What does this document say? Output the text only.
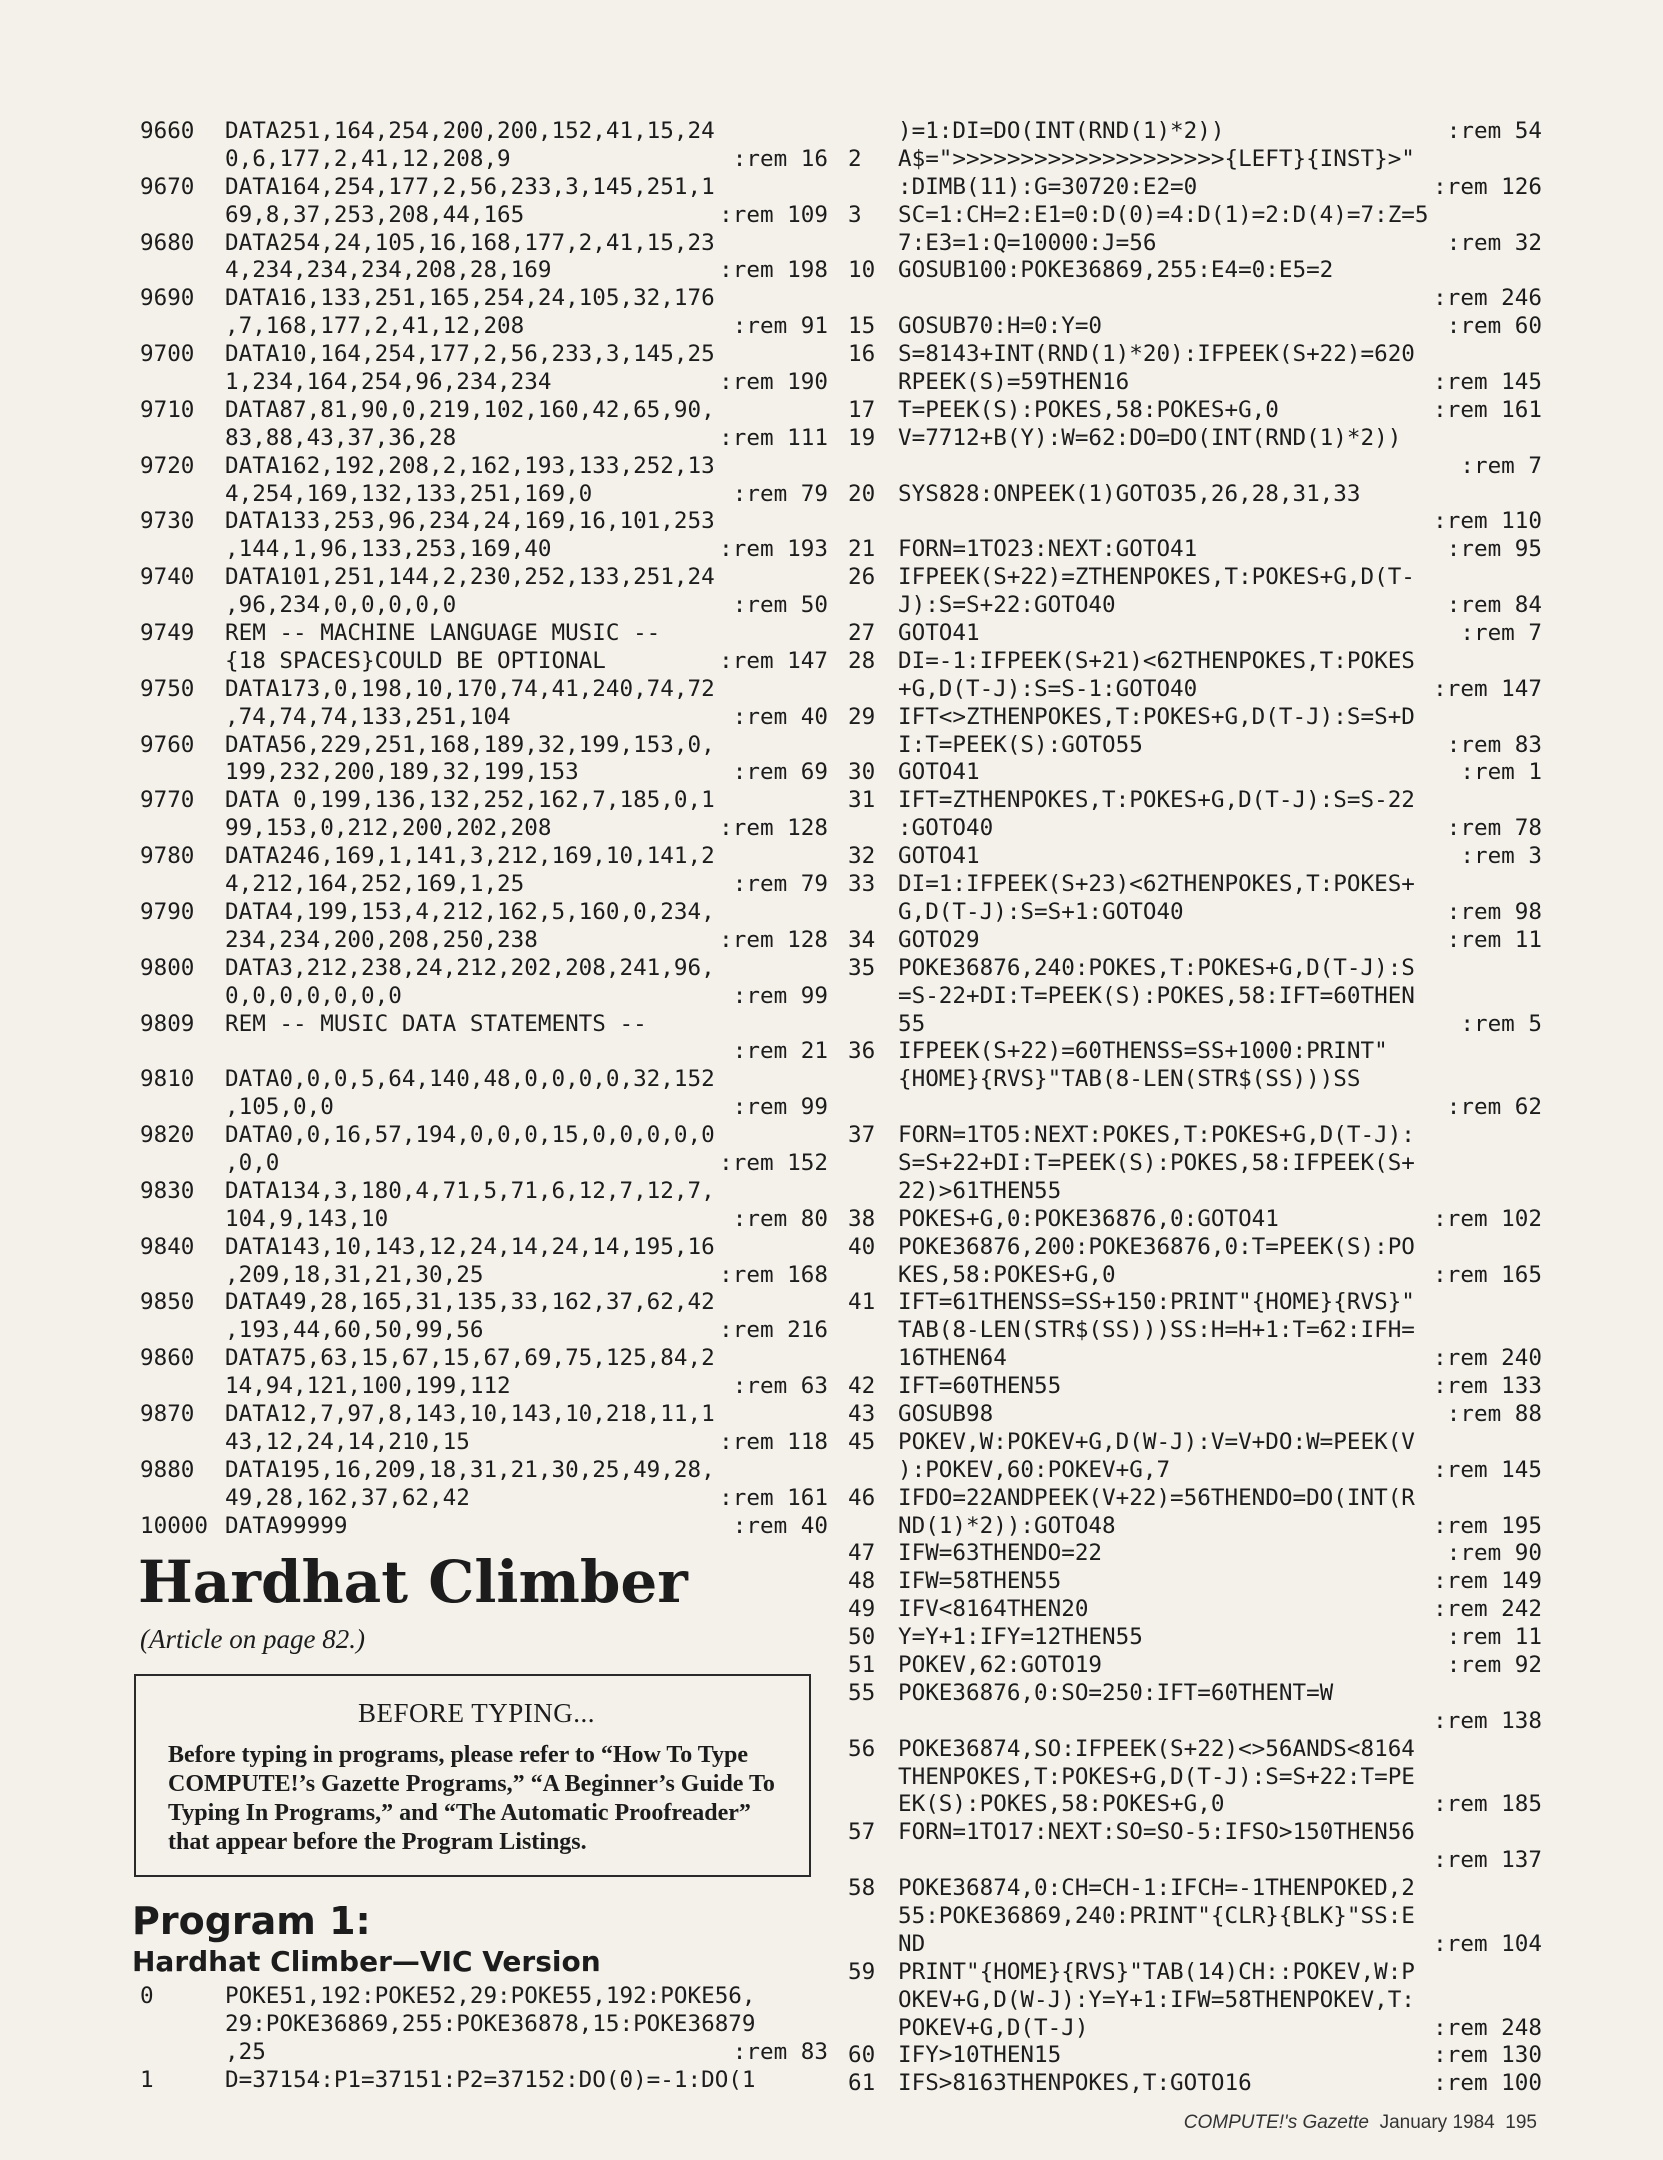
9660 DATA251,164,254,200,200,152,41,15,24
0,6,177,2,41,12,208,9	:rem 16
9670 DATA164,254,177,2,56,233,3,145,251,1
69,8,37,253,208,44,165	:rem 109
9680 DATA254,24,105,16,168,177,2,41,15,23
4,234,234,234,208,28,169	:rem 198
9690 DATA16,133,251,165,254,24,105,32,176
,7,168,177,2,41,12,208	:rem 91
9700 DATA10,164,254,177,2,56,233,3,145,25
1,234,164,254,96,234,234	:rem 190
9710 DATA87,81,90,0,219,102,160,42,65,90,
83,88,43,37,36,28	:rem 111
9720 DATA162,192,208,2,162,193,133,252,13
4,254,169,132,133,251,169,0	:rem 79
9730 DATA133,253,96,234,24,169,16,101,253
,144,1,96,133,253,169,40	:rem 193
9740 DATA101,251,144,2,230,252,133,251,24
,96,234,0,0,0,0,0	:rem 50
9749 REM -- MACHINE LANGUAGE MUSIC --
{18 SPACES}COULD BE OPTIONAL	:rem 147
9750 DATA173,0,198,10,170,74,41,240,74,72
,74,74,74,133,251,104	:rem 40
9760 DATA56,229,251,168,189,32,199,153,0,
199,232,200,189,32,199,153	:rem 69
9770 DATA 0,199,136,132,252,162,7,185,0,1
99,153,0,212,200,202,208	:rem 128
9780 DATA246,169,1,141,3,212,169,10,141,2
4,212,164,252,169,1,25	:rem 79
9790 DATA4,199,153,4,212,162,5,160,0,234,
234,234,200,208,250,238	:rem 128
9800 DATA3,212,238,24,212,202,208,241,96,
0,0,0,0,0,0,0	:rem 99
9809 REM -- MUSIC DATA STATEMENTS --
:rem 21
9810 DATA0,0,0,5,64,140,48,0,0,0,0,32,152
,105,0,0	:rem 99
9820 DATA0,0,16,57,194,0,0,0,15,0,0,0,0,0
,0,0	:rem 152
9830 DATA134,3,180,4,71,5,71,6,12,7,12,7,
104,9,143,10	:rem 80
9840 DATA143,10,143,12,24,14,24,14,195,16
,209,18,31,21,30,25	:rem 168
9850 DATA49,28,165,31,135,33,162,37,62,42
,193,44,60,50,99,56	:rem 216
9860 DATA75,63,15,67,15,67,69,75,125,84,2
14,94,121,100,199,112	:rem 63
9870 DATA12,7,97,8,143,10,143,10,218,11,1
43,12,24,14,210,15	:rem 118
9880 DATA195,16,209,18,31,21,30,25,49,28,
49,28,162,37,62,42	:rem 161
10000 DATA99999	:rem 40
Hardhat Climber
(Article on page 82.)
BEFORE TYPING...

Before typing in programs, please refer to “How To Type COMPUTE!’s Gazette Programs,” “A Beginner’s Guide To Typing In Programs,” and “The Automatic Proofreader” that appear before the Program Listings.

Program 1:
Hardhat Climber—VIC Version
0	POKE51,192:POKE52,29:POKE55,192:POKE56,
29:POKE36869,255:POKE36878,15:POKE36879
,25	:rem 83
1	D=37154:P1=37151:P2=37152:DO(0)=-1:DO(1
)=1:DI=DO(INT(RND(1)*2))	:rem 54
2 A$=">>>>>>>>>>>>>>>>>>>>{LEFT}{INST}>"
:DIMB(11):G=30720:E2=0	:rem 126
3 SC=1:CH=2:E1=0:D(0)=4:D(1)=2:D(4)=7:Z=5
7:E3=1:Q=10000:J=56	:rem 32
10 GOSUB100:POKE36869,255:E4=0:E5=2
:rem 246
15 GOSUB70:H=0:Y=0	:rem 60
16 S=8143+INT(RND(1)*20):IFPEEK(S+22)=620
RPEEK(S)=59THEN16	:rem 145
17 T=PEEK(S):POKES,58:POKES+G,0	:rem 161
19 V=7712+B(Y):W=62:DO=DO(INT(RND(1)*2))
:rem 7
20 SYS828:ONPEEK(1)GOTO35,26,28,31,33
:rem 110
21 FORN=1TO23:NEXT:GOTO41	:rem 95
26 IFPEEK(S+22)=ZTHENPOKES,T:POKES+G,D(T-
J):S=S+22:GOTO40	:rem 84
27 GOTO41	:rem 7
28 DI=-1:IFPEEK(S+21)<62THENPOKES,T:POKES
+G,D(T-J):S=S-1:GOTO40	:rem 147
29 IFT<>ZTHENPOKES,T:POKES+G,D(T-J):S=S+D
I:T=PEEK(S):GOTO55	:rem 83
30 GOTO41	:rem 1
31 IFT=ZTHENPOKES,T:POKES+G,D(T-J):S=S-22
:GOTO40	:rem 78
32 GOTO41	:rem 3
33 DI=1:IFPEEK(S+23)<62THENPOKES,T:POKES+
G,D(T-J):S=S+1:GOTO40	:rem 98
34 GOTO29	:rem 11
35 POKE36876,240:POKES,T:POKES+G,D(T-J):S
=S-22+DI:T=PEEK(S):POKES,58:IFT=60THEN
55	:rem 5
36 IFPEEK(S+22)=60THENSS=SS+1000:PRINT"
{HOME}{RVS}"TAB(8-LEN(STR$(SS)))SS
:rem 62
37 FORN=1TO5:NEXT:POKES,T:POKES+G,D(T-J):
S=S+22+DI:T=PEEK(S):POKES,58:IFPEEK(S+
22)>61THEN55
38 POKES+G,0:POKE36876,0:GOTO41	:rem 102
40 POKE36876,200:POKE36876,0:T=PEEK(S):PO
KES,58:POKES+G,0	:rem 165
41 IFT=61THENSS=SS+150:PRINT"{HOME}{RVS}"
TAB(8-LEN(STR$(SS)))SS:H=H+1:T=62:IFH=
16THEN64	:rem 240
42 IFT=60THEN55	:rem 133
43 GOSUB98	:rem 88
45 POKEV,W:POKEV+G,D(W-J):V=V+DO:W=PEEK(V
):POKEV,60:POKEV+G,7	:rem 145
46 IFDO=22ANDPEEK(V+22)=56THENDO=DO(INT(R
ND(1)*2)):GOTO48	:rem 195
47 IFW=63THENDO=22	:rem 90
48 IFW=58THEN55	:rem 149
49 IFV<8164THEN20	:rem 242
50 Y=Y+1:IFY=12THEN55	:rem 11
51 POKEV,62:GOTO19	:rem 92
55 POKE36876,0:SO=250:IFT=60THENT=W
:rem 138
56 POKE36874,SO:IFPEEK(S+22)<>56ANDS<8164
THENPOKES,T:POKES+G,D(T-J):S=S+22:T=PE
EK(S):POKES,58:POKES+G,0	:rem 185
57 FORN=1TO17:NEXT:SO=SO-5:IFSO>150THEN56
:rem 137
58 POKE36874,0:CH=CH-1:IFCH=-1THENPOKED,2
55:POKE36869,240:PRINT"{CLR}{BLK}"SS:E
ND	:rem 104
59 PRINT"{HOME}{RVS}"TAB(14)CH::POKEV,W:P
OKEV+G,D(W-J):Y=Y+1:IFW=58THENPOKEV,T:
POKEV+G,D(T-J)	:rem 248
60 IFY>10THEN15	:rem 130
61 IFS>8163THENPOKES,T:GOTO16	:rem 100
COMPUTE!'s Gazette January 1984 195
